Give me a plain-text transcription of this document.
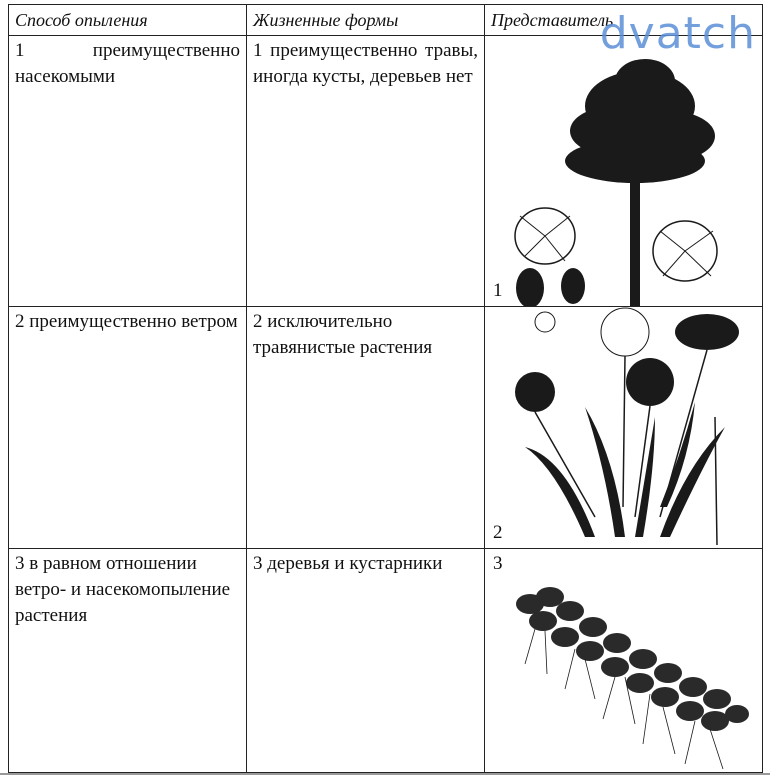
Способ опыления	Жизненные формы	Представитель
1 преимущественно насекомыми	1 преимущественно травы, иногда кусты, деревьев нет	1

2 преимущественно ветром	2 исключительно травянистые растения	2

3 в равном отношении ветро- и насекомопыление растения	3 деревья и кустарники	3
dvatch
